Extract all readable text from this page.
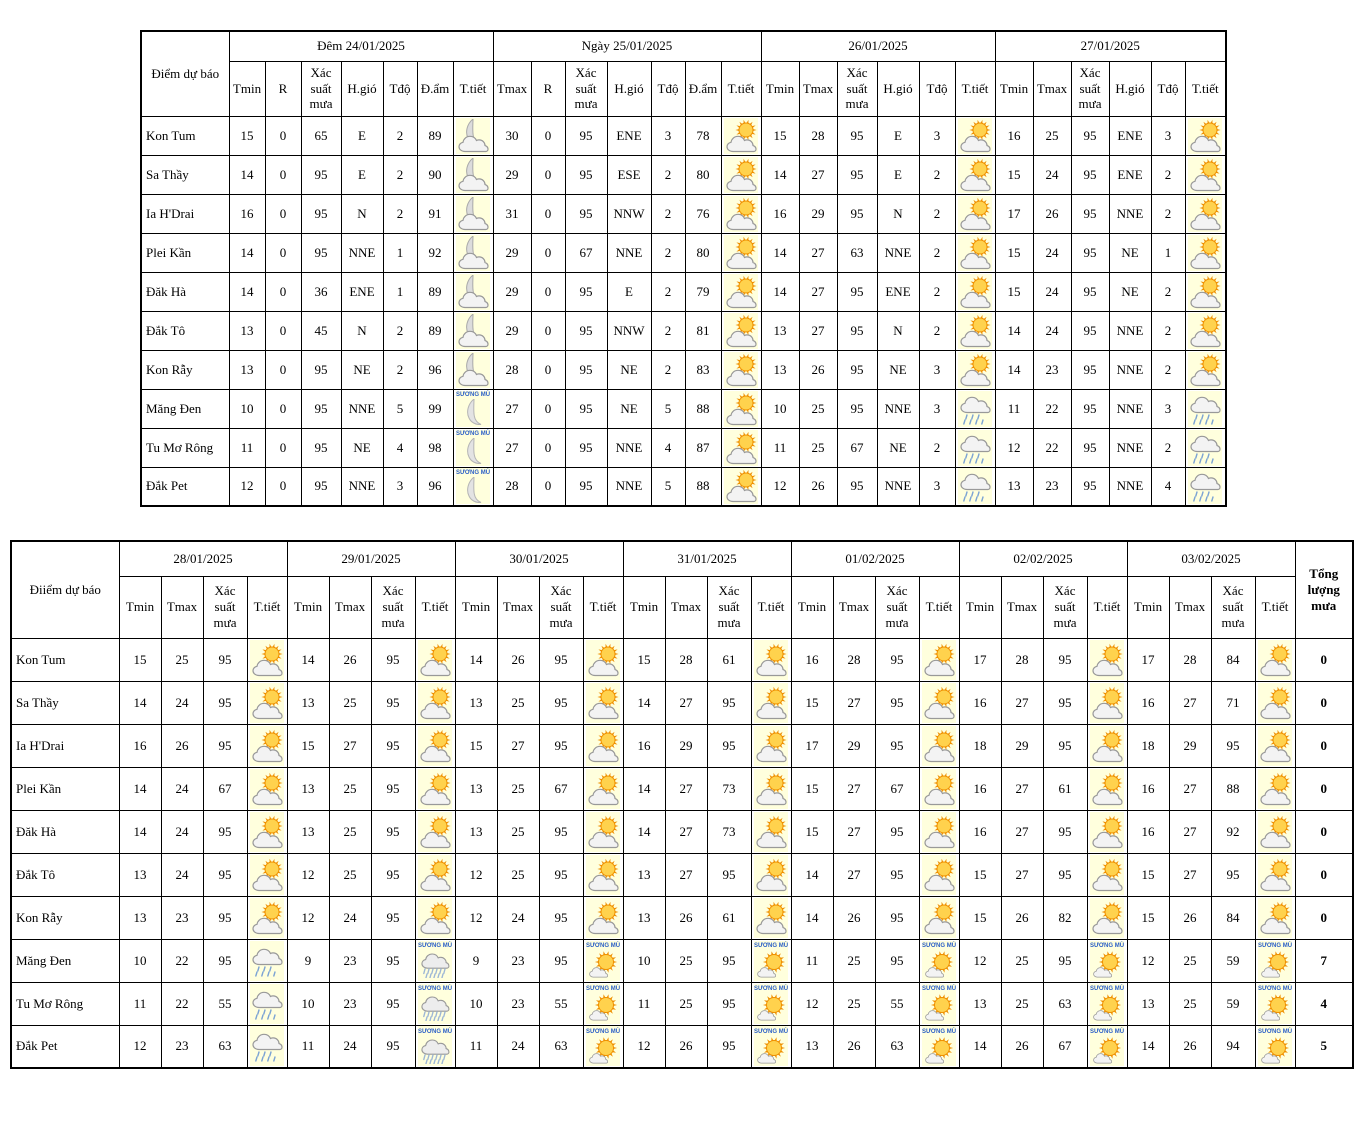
Điểm dự báo	Đêm 24/01/2025							Ngày 25/01/2025							26/01/2025						27/01/2025					
	Tmin	R	Xác suất mưa	H.gió	Tđộ	Đ.ẩm	T.tiết	Tmax	R	Xác suất mưa	H.gió	Tđộ	Đ.ẩm	T.tiết	Tmin	Tmax	Xác suất mưa	H.gió	Tđộ	T.tiết	Tmin	Tmax	Xác suất mưa	H.gió	Tđộ	T.tiết
Kon Tum	15	0	65	E	2	89		30	0	95	ENE	3	78		15	28	95	E	3		16	25	95	ENE	3	

Sa Thầy	14	0	95	E	2	90		29	0	95	ESE	2	80		14	27	95	E	2		15	24	95	ENE	2	

Ia H'Drai	16	0	95	N	2	91		31	0	95	NNW	2	76		16	29	95	N	2		17	26	95	NNE	2	

Plei Kần	14	0	95	NNE	1	92		29	0	67	NNE	2	80		14	27	63	NNE	2		15	24	95	NE	1	

Đăk Hà	14	0	36	ENE	1	89		29	0	95	E	2	79		14	27	95	ENE	2		15	24	95	NE	2	

Đắk Tô	13	0	45	N	2	89		29	0	95	NNW	2	81		13	27	95	N	2		14	24	95	NNE	2	

Kon Rẫy	13	0	95	NE	2	96		28	0	95	NE	2	83		13	26	95	NE	3		14	23	95	NNE	2	

Măng Đen	10	0	95	NNE	5	99	SƯƠNG MÙ	27	0	95	NE	5	88		10	25	95	NNE	3		11	22	95	NNE	3	

Tu Mơ Rông	11	0	95	NE	4	98	SƯƠNG MÙ	27	0	95	NNE	4	87		11	25	67	NE	2		12	22	95	NNE	2	

Đắk Pet	12	0	95	NNE	3	96	SƯƠNG MÙ	28	0	95	NNE	5	88		12	26	95	NNE	3		13	23	95	NNE	4	
Điiểm dự báo	28/01/2025				29/01/2025				30/01/2025				31/01/2025				01/02/2025				02/02/2025				03/02/2025				Tổng lượng mưa
	Tmin	Tmax	Xác suất mưa	T.tiết	Tmin	Tmax	Xác suất mưa	T.tiết	Tmin	Tmax	Xác suất mưa	T.tiết	Tmin	Tmax	Xác suất mưa	T.tiết	Tmin	Tmax	Xác suất mưa	T.tiết	Tmin	Tmax	Xác suất mưa	T.tiết	Tmin	Tmax	Xác suất mưa	T.tiết	
Kon Tum	15	25	95		14	26	95		14	26	95		15	28	61		16	28	95		17	28	95		17	28	84		0
Sa Thầy	14	24	95		13	25	95		13	25	95		14	27	95		15	27	95		16	27	95		16	27	71		0
Ia H'Drai	16	26	95		15	27	95		15	27	95		16	29	95		17	29	95		18	29	95		18	29	95		0
Plei Kần	14	24	67		13	25	95		13	25	67		14	27	73		15	27	67		16	27	61		16	27	88		0
Đăk Hà	14	24	95		13	25	95		13	25	95		14	27	73		15	27	95		16	27	95		16	27	92		0
Đắk Tô	13	24	95		12	25	95		12	25	95		13	27	95		14	27	95		15	27	95		15	27	95		0
Kon Rẫy	13	23	95		12	24	95		12	24	95		13	26	61		14	26	95		15	26	82		15	26	84		0
Măng Đen	10	22	95		9	23	95	SƯƠNG MÙ	9	23	95	SƯƠNG MÙ	10	25	95	SƯƠNG MÙ	11	25	95	SƯƠNG MÙ	12	25	95	SƯƠNG MÙ	12	25	59	SƯƠNG MÙ	7
Tu Mơ Rông	11	22	55		10	23	95	SƯƠNG MÙ	10	23	55	SƯƠNG MÙ	11	25	95	SƯƠNG MÙ	12	25	55	SƯƠNG MÙ	13	25	63	SƯƠNG MÙ	13	25	59	SƯƠNG MÙ	4
Đắk Pet	12	23	63		11	24	95	SƯƠNG MÙ	11	24	63	SƯƠNG MÙ	12	26	95	SƯƠNG MÙ	13	26	63	SƯƠNG MÙ	14	26	67	SƯƠNG MÙ	14	26	94	SƯƠNG MÙ	5
